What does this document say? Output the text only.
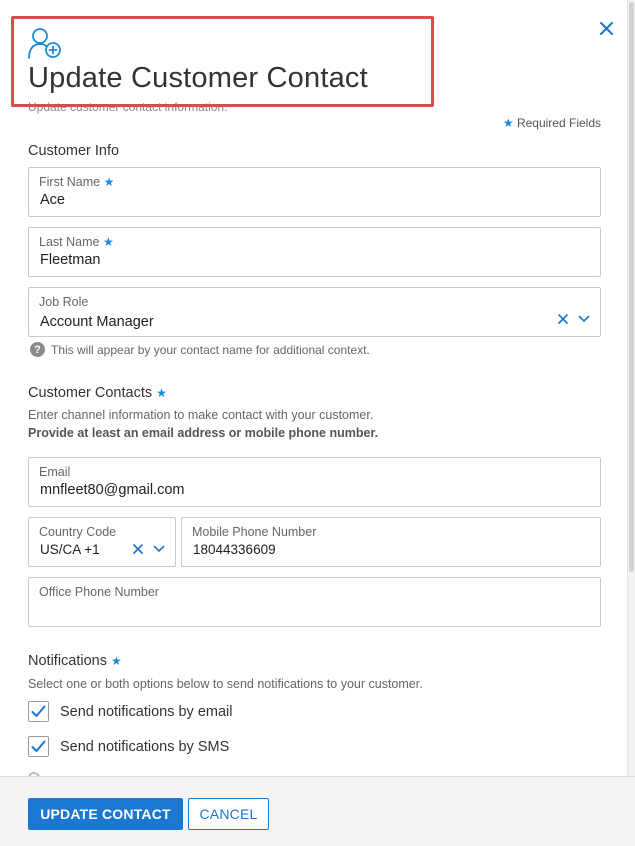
Update Customer Contact
Update customer contact information.
★ Required Fields
Customer Info
First Name ★
Ace
Last Name ★
Fleetman
Job Role
Account Manager
? This will appear by your contact name for additional context.
Customer Contacts ★
Enter channel information to make contact with your customer.
Provide at least an email address or mobile phone number.
Email
mnfleet80@gmail.com
Country Code
US/CA +1
Mobile Phone Number
18044336609
Office Phone Number
Notifications ★
Select one or both options below to send notifications to your customer.
Send notifications by email
Send notifications by SMS
UPDATE CONTACT	CANCEL
